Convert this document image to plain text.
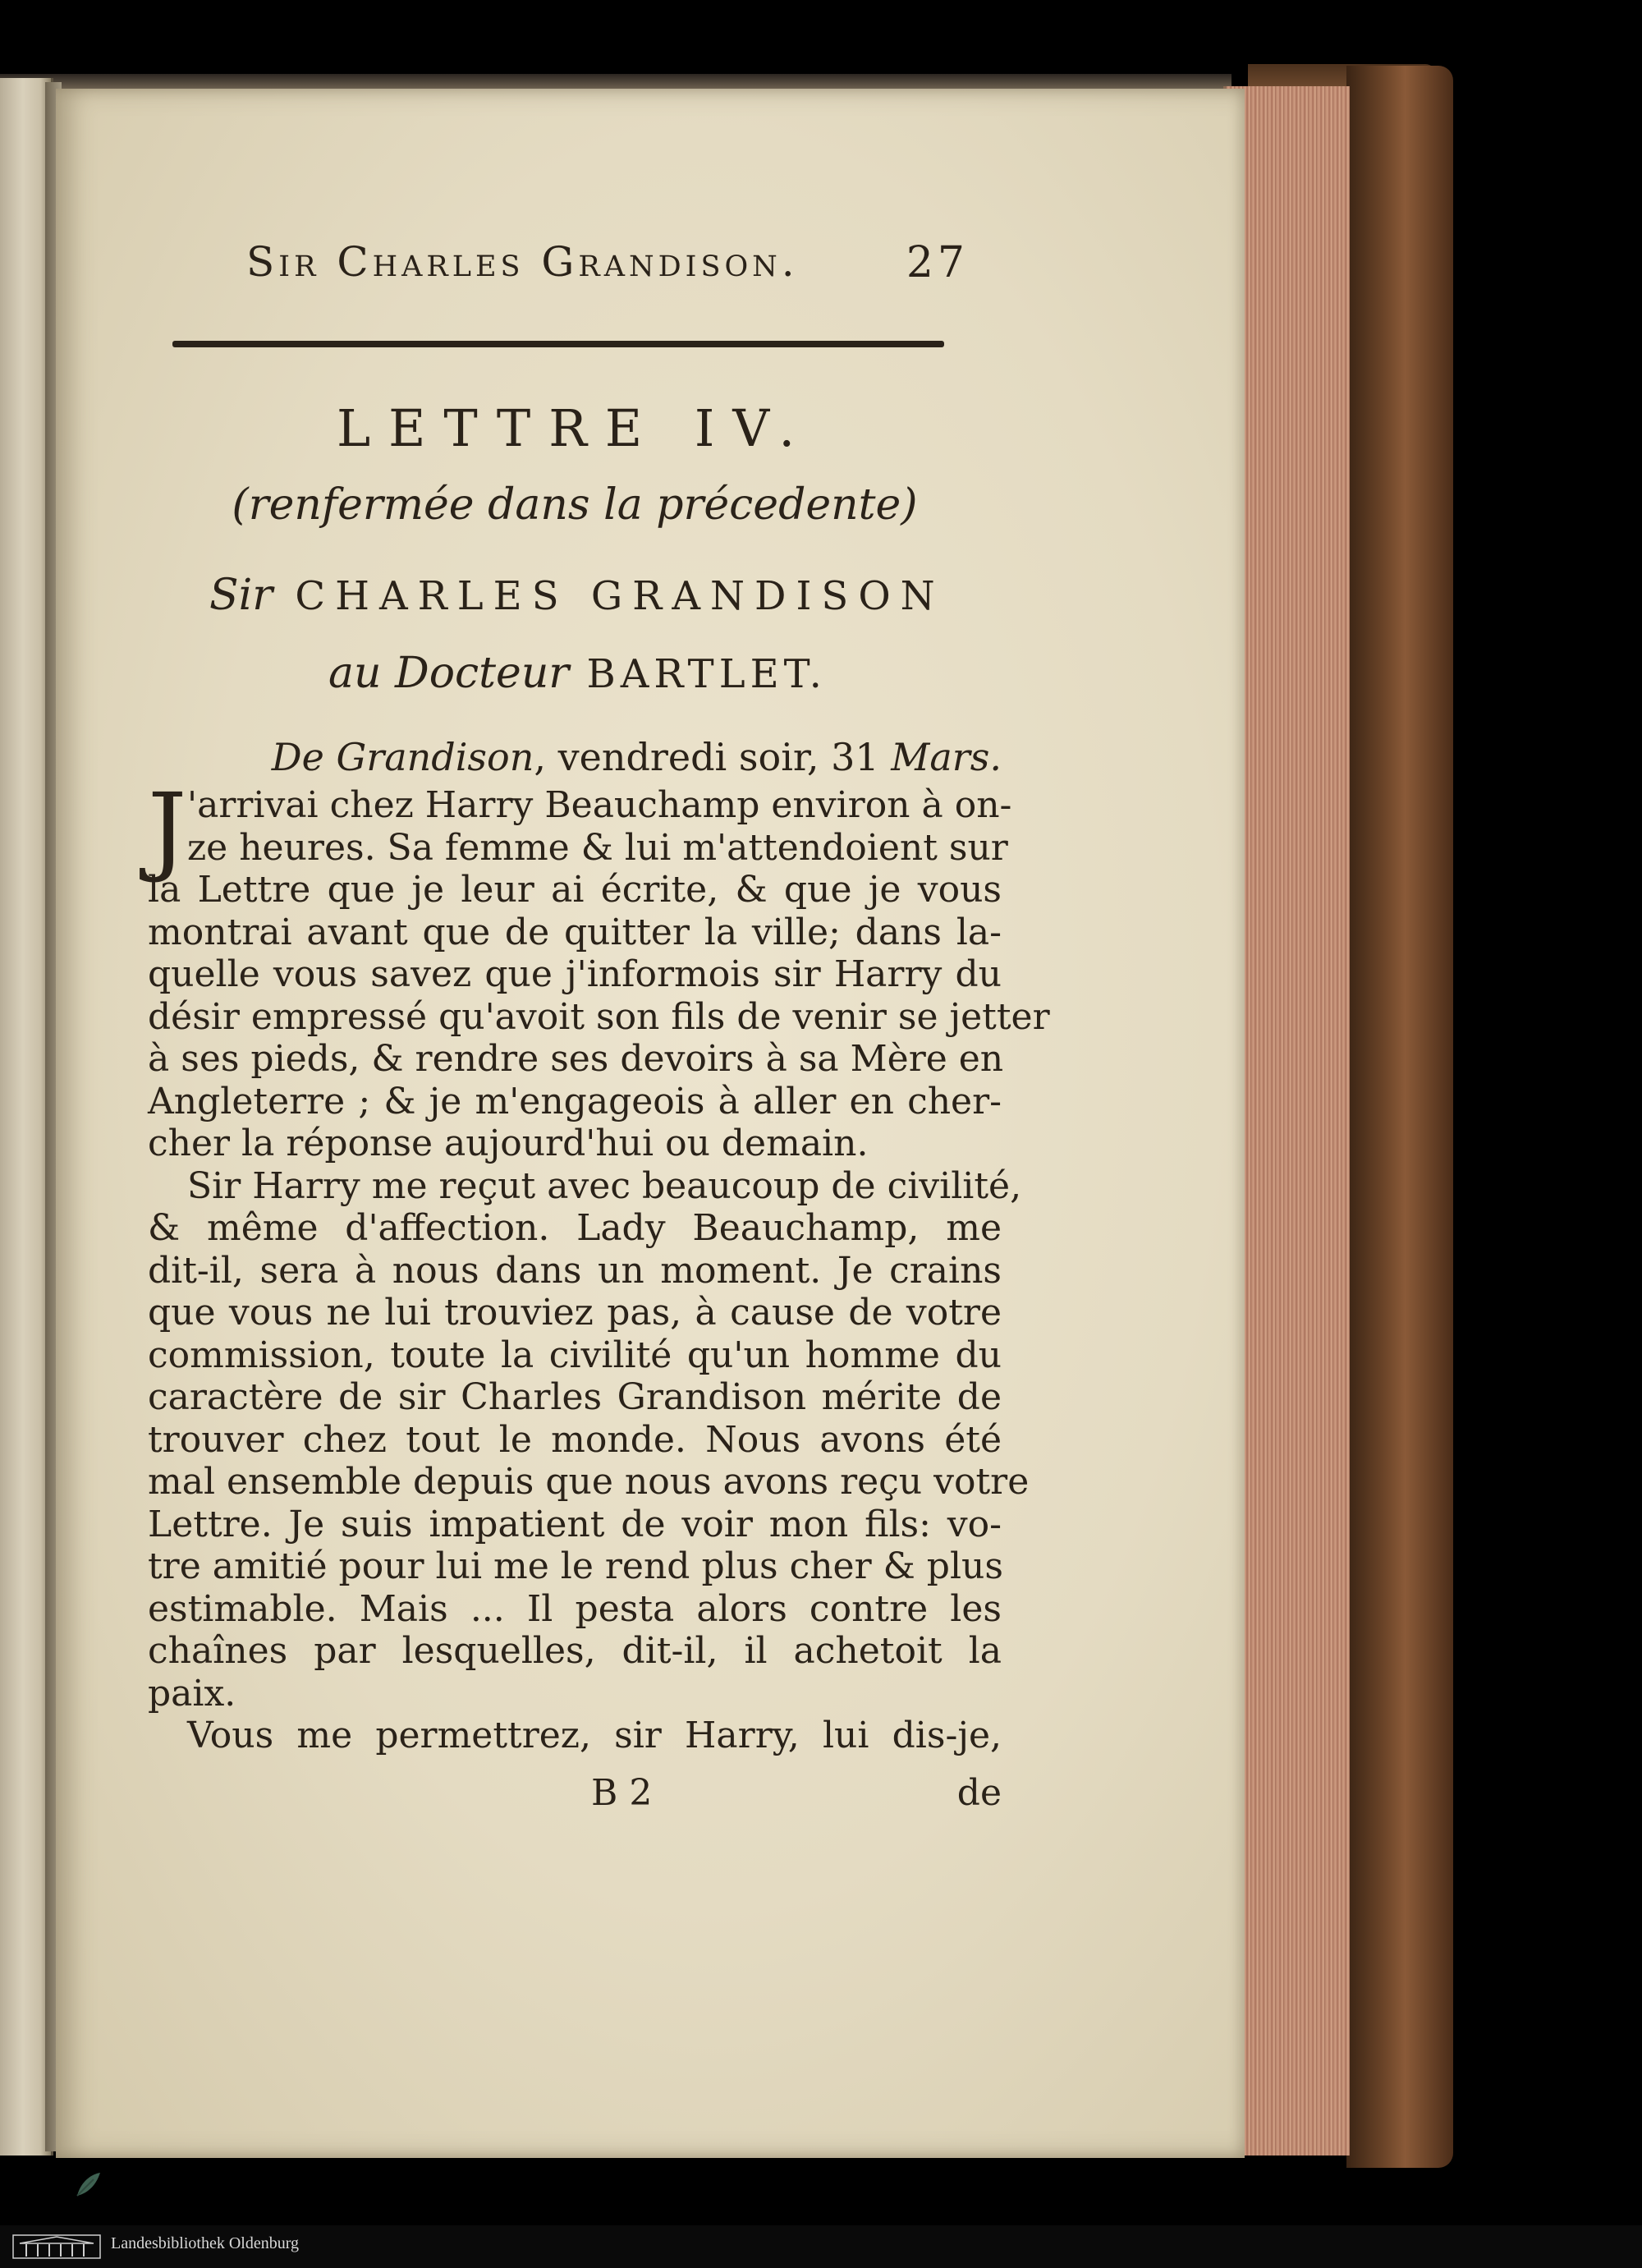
Sir Charles Grandison.	27
LETTRE IV.
(renfermée dans la précedente)
Sir CHARLES GRANDISON
au Docteur BARTLET.
De Grandison, vendredi soir, 31 Mars.
J 'arrivai chez Harry Beauchamp environ à on-
ze heures. Sa femme & lui m'attendoient sur
la Lettre que je leur ai écrite, & que je vous
montrai avant que de quitter la ville; dans la-
quelle vous savez que j'informois sir Harry du
désir empressé qu'avoit son fils de venir se jetter
à ses pieds, & rendre ses devoirs à sa Mère en
Angleterre ; & je m'engageois à aller en cher-
cher la réponse aujourd'hui ou demain.
Sir Harry me reçut avec beaucoup de civilité,
& même d'affection. Lady Beauchamp, me
dit-il, sera à nous dans un moment. Je crains
que vous ne lui trouviez pas, à cause de votre
commission, toute la civilité qu'un homme du
caractère de sir Charles Grandison mérite de
trouver chez tout le monde. Nous avons été
mal ensemble depuis que nous avons reçu votre
Lettre. Je suis impatient de voir mon fils: vo-
tre amitié pour lui me le rend plus cher & plus
estimable. Mais ... Il pesta alors contre les
chaînes par lesquelles, dit-il, il achetoit la
paix.
Vous me permettrez, sir Harry, lui dis-je,
B 2	de
Landesbibliothek Oldenburg
